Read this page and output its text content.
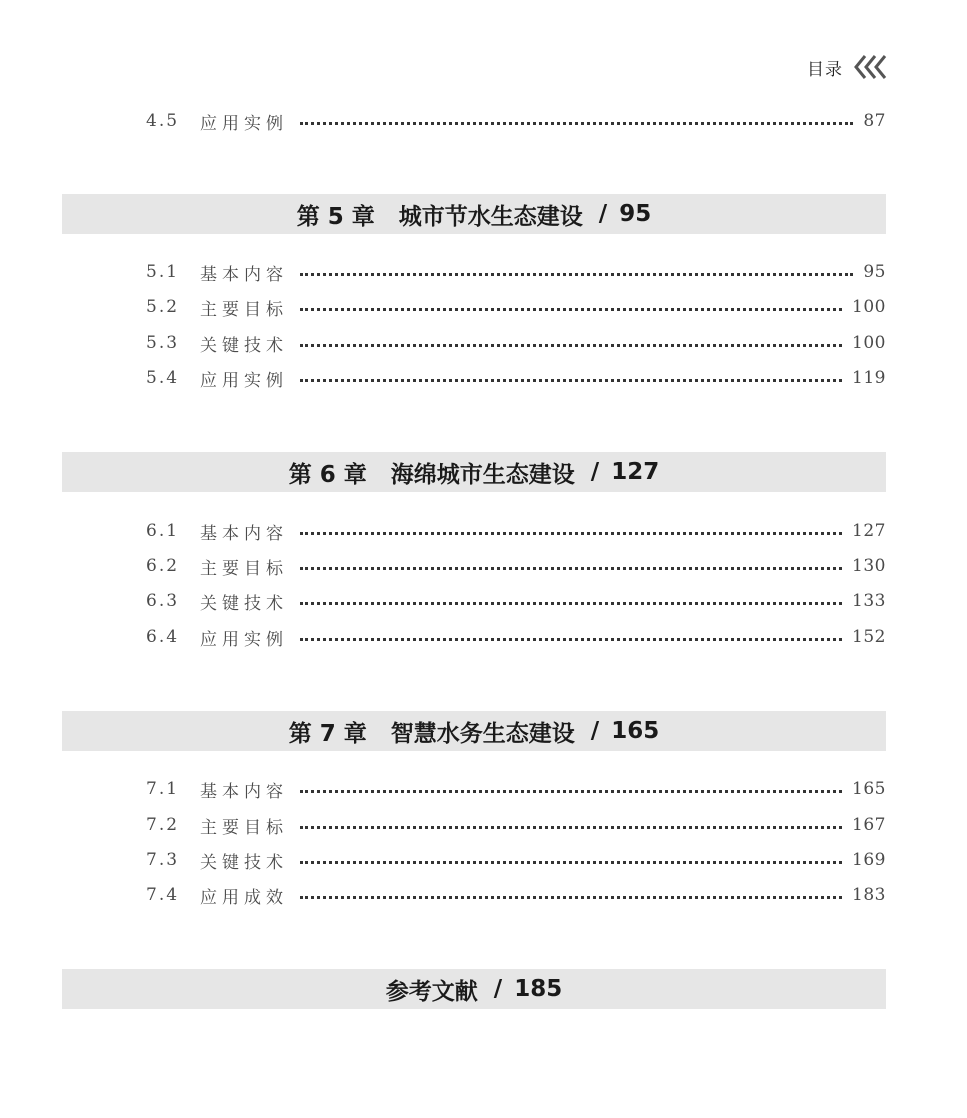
目录
4.5	应用实例	87
第 5 章 城市节水生态建设 / 95
5.1	基本内容	95
5.2	主要目标	100
5.3	关键技术	100
5.4	应用实例	119
第 6 章 海绵城市生态建设 / 127
6.1	基本内容	127
6.2	主要目标	130
6.3	关键技术	133
6.4	应用实例	152
第 7 章 智慧水务生态建设 / 165
7.1	基本内容	165
7.2	主要目标	167
7.3	关键技术	169
7.4	应用成效	183
参考文献 / 185
